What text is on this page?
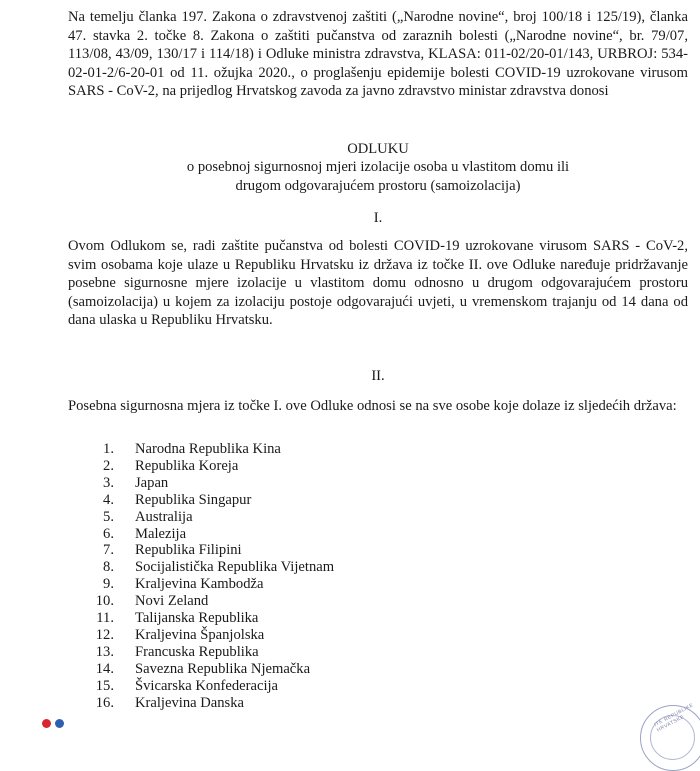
Na temelju članka 197. Zakona o zdravstvenoj zaštiti („Narodne novine“, broj 100/18 i 125/19), članka 47. stavka 2. točke 8. Zakona o zaštiti pučanstva od zaraznih bolesti („Narodne novine“, br. 79/07, 113/08, 43/09, 130/17 i 114/18) i Odluke ministra zdravstva, KLASA: 011-02/20-01/143, URBROJ: 534-02-01-2/6-20-01 od 11. ožujka 2020., o proglašenju epidemije bolesti COVID-19 uzrokovane virusom SARS - CoV-2, na prijedlog Hrvatskog zavoda za javno zdravstvo ministar zdravstva donosi

ODLUKU

o posebnoj sigurnosnoj mjeri izolacije osoba u vlastitom domu ili
drugom odgovarajućem prostoru (samoizolacija)

I.

Ovom Odlukom se, radi zaštite pučanstva od bolesti COVID-19 uzrokovane virusom SARS - CoV-2, svim osobama koje ulaze u Republiku Hrvatsku iz država iz točke II. ove Odluke naređuje pridržavanje posebne sigurnosne mjere izolacije u vlastitom domu odnosno u drugom odgovarajućem prostoru (samoizolacija) u kojem za izolaciju postoje odgovarajući uvjeti, u vremenskom trajanju od 14 dana od dana ulaska u Republiku Hrvatsku.

II.

Posebna sigurnosna mjera iz točke I. ove Odluke odnosi se na sve osobe koje dolaze iz sljedećih država:

1.	Narodna Republika Kina
2.	Republika Koreja
3.	Japan
4.	Republika Singapur
5.	Australija
6.	Malezija
7.	Republika Filipini
8.	Socijalistička Republika Vijetnam
9.	Kraljevina Kambodža
10.	Novi Zeland
11.	Talijanska Republika
12.	Kraljevina Španjolska
13.	Francuska Republika
14.	Savezna Republika Njemačka
15.	Švicarska Konfederacija
16.	Kraljevina Danska	ITE REPUBLIKE HRVATSKE
